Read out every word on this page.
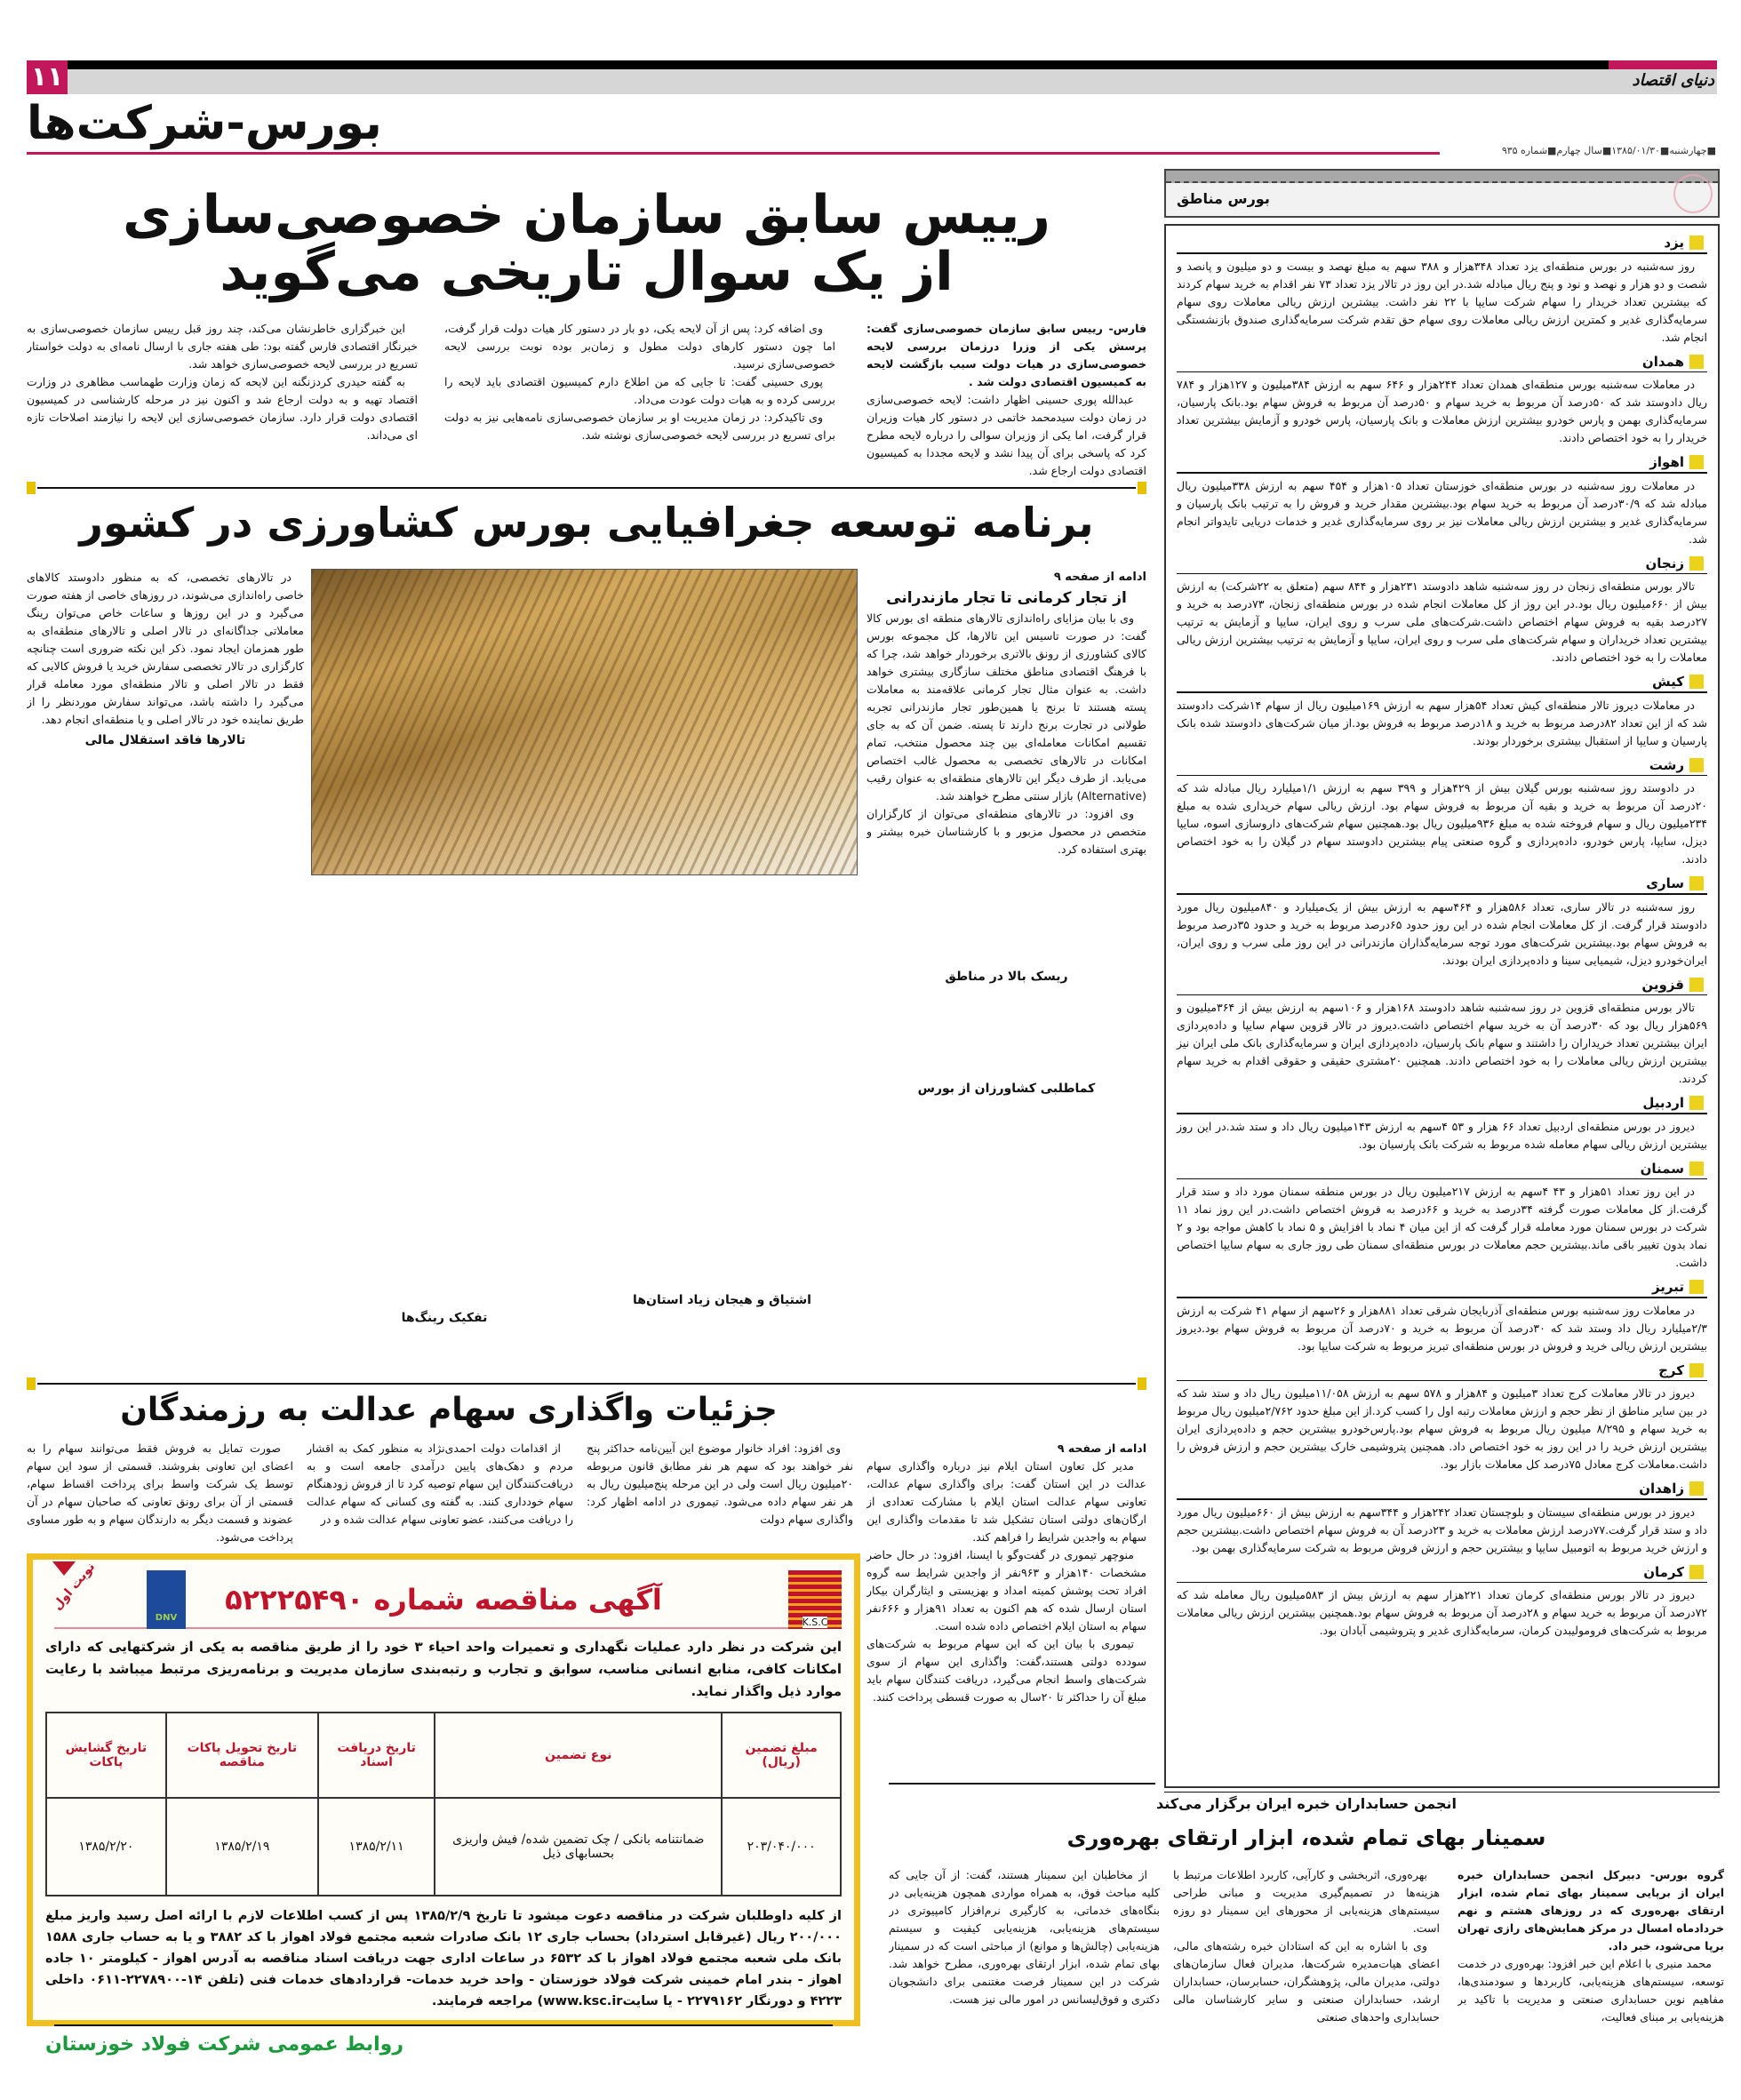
۱۱	دنیای اقتصاد
بورس-شرکت‌ها
■چهارشنبه■۱۳۸۵/۰۱/۳۰■سال چهارم■شماره ۹۳۵
بورس مناطق
یزد

روز سه‌شنبه در بورس منطقه‌ای یزد تعداد ۳۴۸هزار و ۳۸۸ سهم به مبلغ نهصد و بیست و دو میلیون و پانصد و شصت و دو هزار و نهصد و نود و پنج ریال مبادله شد.در این روز در تالار یزد تعداد ۷۳ نفر اقدام به خرید سهام کردند که بیشترین تعداد خریدار را سهام شرکت سایپا با ۲۲ نفر داشت. بیشترین ارزش ریالی معاملات روی سهام سرمایه‌گذاری غدیر و کمترین ارزش ریالی معاملات روی سهام حق تقدم شرکت سرمایه‌گذاری صندوق بازنشستگی انجام شد.

همدان

در معاملات سه‌شنبه بورس منطقه‌ای همدان تعداد ۲۴۴هزار و ۶۴۶ سهم به ارزش ۳۸۴میلیون و ۱۲۷هزار و ۷۸۴ ریال دادوستد شد که ۵۰درصد آن مربوط به خرید سهام و ۵۰درصد آن مربوط به فروش سهام بود.بانک پارسیان، سرمایه‌گذاری بهمن و پارس خودرو بیشترین ارزش معاملات و بانک پارسیان، پارس خودرو و آزمایش بیشترین تعداد خریدار را به خود اختصاص دادند.

اهواز

در معاملات روز سه‌شنبه در بورس منطقه‌ای خوزستان تعداد ۱۰۵هزار و ۴۵۴ سهم به ارزش ۳۳۸میلیون ریال مبادله شد که ۳۰/۹درصد آن مربوط به خرید سهام بود.بیشترین مقدار خرید و فروش را به ترتیب بانک پارسیان و سرمایه‌گذاری غدیر و بیشترین ارزش ریالی معاملات نیز بر روی سرمایه‌گذاری غدیر و خدمات دریایی تایدواتر انجام شد.

زنجان

تالار بورس منطقه‌ای زنجان در روز سه‌شنبه شاهد دادوستد ۲۳۱هزار و ۸۴۴ سهم (متعلق به ۲۲شرکت) به ارزش بیش از ۶۶۰میلیون ریال بود.در این روز از کل معاملات انجام شده در بورس منطقه‌ای زنجان، ۷۳درصد به خرید و ۲۷درصد بقیه به فروش سهام اختصاص داشت.شرکت‌های ملی سرب و روی ایران، سایپا و آزمایش به ترتیب بیشترین تعداد خریداران و سهام شرکت‌های ملی سرب و روی ایران، سایپا و آزمایش به ترتیب بیشترین ارزش ریالی معاملات را به خود اختصاص دادند.

کیش

در معاملات دیروز تالار منطقه‌ای کیش تعداد ۵۴هزار سهم به ارزش ۱۶۹میلیون ریال از سهام ۱۴شرکت دادوستد شد که از این تعداد ۸۲درصد مربوط به خرید و ۱۸درصد مربوط به فروش بود.از میان شرکت‌های دادوستد شده بانک پارسیان و سایپا از استقبال بیشتری برخوردار بودند.

رشت

در دادوستد روز سه‌شنبه بورس گیلان بیش از ۴۲۹هزار و ۳۹۹ سهم به ارزش ۱/۱میلیارد ریال مبادله شد که ۲۰درصد آن مربوط به خرید و بقیه آن مربوط به فروش سهام بود. ارزش ریالی سهام خریداری شده به مبلغ ۲۳۴میلیون ریال و سهام فروخته شده به مبلغ ۹۳۶میلیون ریال بود.همچنین سهام شرکت‌های داروسازی اسوه، سایپا دیزل، سایپا، پارس خودرو، داده‌پردازی و گروه صنعتی پیام بیشترین دادوستد سهام در گیلان را به خود اختصاص دادند.

ساری

روز سه‌شنبه در تالار ساری، تعداد ۵۸۶هزار و ۴۶۴سهم به ارزش بیش از یک‌میلیارد و ۸۴۰میلیون ریال مورد دادوستد قرار گرفت. از کل معاملات انجام شده در این روز حدود ۶۵درصد مربوط به خرید و حدود ۳۵درصد مربوط به فروش سهام بود.بیشترین شرکت‌های مورد توجه سرمایه‌گذاران مازندرانی در این روز ملی سرب و روی ایران، ایران‌خودرو دیزل، شیمیایی سینا و داده‌پردازی ایران بودند.

قزوین

تالار بورس منطقه‌ای قزوین در روز سه‌شنبه شاهد دادوستد ۱۶۸هزار و ۱۰۶سهم به ارزش بیش از ۳۶۴میلیون و ۵۶۹هزار ریال بود که ۳۰درصد آن به خرید سهام اختصاص داشت.دیروز در تالار قزوین سهام سایپا و داده‌پردازی ایران بیشترین تعداد خریداران را داشتند و سهام بانک پارسیان، داده‌پردازی ایران و سرمایه‌گذاری بانک ملی ایران نیز بیشترین ارزش ریالی معاملات را به خود اختصاص دادند. همچنین ۲۰مشتری حقیقی و حقوقی اقدام به خرید سهام کردند.

اردبیل

دیروز در بورس منطقه‌ای اردبیل تعداد ۶۶ هزار و ۵۳ ۴سهم به ارزش ۱۴۳میلیون ریال داد و ستد شد.در این روز بیشترین ارزش ریالی سهام معامله شده مربوط به شرکت بانک پارسیان بود.

سمنان

در این روز تعداد ۵۱هزار و ۴۳ ۴سهم به ارزش ۲۱۷میلیون ریال در بورس منطقه سمنان مورد داد و ستد قرار گرفت.از کل معاملات صورت گرفته ۳۴درصد به خرید و ۶۶درصد به فروش اختصاص داشت.در این روز نماد ۱۱ شرکت در بورس سمنان مورد معامله قرار گرفت که از این میان ۴ نماد با افزایش و ۵ نماد با کاهش مواجه بود و ۲ نماد بدون تغییر باقی ماند.بیشترین حجم معاملات در بورس منطقه‌ای سمنان طی روز جاری به سهام سایپا اختصاص داشت.

تبریز

در معاملات روز سه‌شنبه بورس منطقه‌ای آذربایجان شرقی تعداد ۸۸۱هزار و ۲۶سهم از سهام ۴۱ شرکت به ارزش ۲/۳میلیارد ریال داد وستد شد که ۳۰درصد آن مربوط به خرید و ۷۰درصد آن مربوط به فروش سهام بود.دیروز بیشترین ارزش ریالی خرید و فروش در بورس منطقه‌ای تبریز مربوط به شرکت سایپا بود.

کرج

دیروز در تالار معاملات کرج تعداد ۳میلیون و ۸۴هزار و ۵۷۸ سهم به ارزش ۱۱/۰۵۸میلیون ریال داد و ستد شد که در بین سایر مناطق از نظر حجم و ارزش معاملات رتبه اول را کسب کرد.از این مبلغ حدود ۲/۷۶۲میلیون ریال مربوط به خرید سهام و ۸/۲۹۵ میلیون ریال مربوط به فروش سهام بود.پارس‌خودرو بیشترین حجم و داده‌پردازی ایران بیشترین ارزش خرید را در این روز به خود اختصاص داد. همچنین پتروشیمی خارک بیشترین حجم و ارزش فروش را داشت.معاملات کرج معادل ۷۵درصد کل معاملات بازار بود.

زاهدان

دیروز در بورس منطقه‌ای سیستان و بلوچستان تعداد ۲۴۲هزار و ۳۴۴سهم به ارزش بیش از ۶۶۰میلیون ریال مورد داد و ستد قرار گرفت.۷۷درصد ارزش معاملات به خرید و ۲۳درصد آن به فروش سهام اختصاص داشت.بیشترین حجم و ارزش خرید مربوط به اتومبیل سایپا و بیشترین حجم و ارزش فروش مربوط به شرکت سرمایه‌گذاری بهمن بود.

کرمان

دیروز در تالار بورس منطقه‌ای کرمان تعداد ۲۲۱هزار سهم به ارزش بیش از ۵۸۳میلیون ریال معامله شد که ۷۲درصد آن مربوط به خرید سهام و ۲۸درصد آن مربوط به فروش سهام بود.همچنین بیشترین ارزش ریالی معاملات مربوط به شرکت‌های فرومولیبدن کرمان، سرمایه‌گذاری غدیر و پتروشیمی آبادان بود.

رییس سابق سازمان خصوصی‌سازی
از یک سوال تاریخی می‌گوید
فارس- رییس سابق سازمان خصوصی‌سازی گفت: پرسش یکی از وزرا درزمان بررسی لایحه خصوصی‌سازی در هیات دولت سبب بازگشت لایحه به کمیسیون اقتصادی دولت شد .

عبدالله پوری حسینی اظهار داشت: لایحه خصوصی‌سازی در زمان دولت سیدمحمد خاتمی در دستور کار هیات وزیران قرار گرفت، اما یکی از وزیران سوالی را درباره لایحه مطرح کرد که پاسخی برای آن پیدا نشد و لایحه مجددا به کمیسیون اقتصادی دولت ارجاع شد.

وی اضافه کرد: پس از آن لایحه یکی، دو بار در دستور کار هیات دولت قرار گرفت، اما چون دستور کارهای دولت مطول و زمان‌بر بوده نوبت بررسی لایحه خصوصی‌سازی نرسید.

پوری حسینی گفت: تا جایی که من اطلاع دارم کمیسیون اقتصادی باید لایحه را بررسی کرده و به هیات دولت عودت می‌داد.

وی تاکیدکرد: در زمان مدیریت او بر سازمان خصوصی‌سازی نامه‌هایی نیز به دولت برای تسریع در بررسی لایحه خصوصی‌سازی نوشته شد.

این خبرگزاری خاطرنشان می‌کند، چند روز قبل رییس سازمان خصوصی‌سازی به خبرنگار اقتصادی فارس گفته بود: طی هفته جاری با ارسال نامه‌ای به دولت خواستار تسریع در بررسی لایحه خصوصی‌سازی خواهد شد.

به گفته حیدری کردزنگنه این لایحه که زمان وزارت طهماسب مظاهری در وزارت اقتصاد تهیه و به دولت ارجاع شد و اکنون نیز در مرحله کارشناسی در کمیسیون اقتصادی دولت قرار دارد. سازمان خصوصی‌سازی این لایحه را نیازمند اصلاحات تازه ای می‌داند.

برنامه توسعه جغرافیایی بورس کشاورزی در کشور
ادامه از صفحه ۹
از تجار کرمانی تا تجار مازندرانی

وی با بیان مزایای راه‌اندازی تالارهای منطقه ای بورس کالا گفت: در صورت تاسیس این تالارها، کل مجموعه بورس کالای کشاورزی از رونق بالاتری برخوردار خواهد شد، چرا که با فرهنگ اقتصادی مناطق مختلف سازگاری بیشتری خواهد داشت. به عنوان مثال تجار کرمانی علاقه‌مند به معاملات پسته هستند تا برنج یا همین‌طور تجار مازندرانی تجربه طولانی در تجارت برنج دارند تا پسته. ضمن آن که به جای تقسیم امکانات معامله‌ای بین چند محصول منتخب، تمام امکانات در تالارهای تخصصی به محصول غالب اختصاص می‌یابد. از طرف دیگر این تالارهای منطقه‌ای به عنوان رقیب (Alternative) بازار سنتی مطرح خواهند شد.

وی افزود: در تالارهای منطقه‌ای می‌توان از کارگزاران متخصص در محصول مزبور و با کارشناسان خبره بیشتر و بهتری استفاده کرد.

ریسک بالا در مناطق
کماطلبی کشاورزان از بورس
اشتیاق و هیجان زیاد استان‌ها
تفکیک رینگ‌ها

در تالارهای تخصصی، که به منظور دادوستد کالاهای خاصی راه‌اندازی می‌شوند، در روزهای خاصی از هفته صورت می‌گیرد و در این روزها و ساعات خاص می‌توان رینگ معاملاتی جداگانه‌ای در تالار اصلی و تالارهای منطقه‌ای به طور همزمان ایجاد نمود. ذکر این نکته ضروری است چنانچه کارگزاری در تالار تخصصی سفارش خرید یا فروش کالایی که فقط در تالار اصلی و تالار منطقه‌ای مورد معامله قرار می‌گیرد را داشته باشد، می‌تواند سفارش موردنظر را از طریق نماینده خود در تالار اصلی و یا منطقه‌ای انجام دهد.

تالارها فاقد استقلال مالی
جزئیات واگذاری سهام عدالت به رزمندگان
ادامه از صفحه ۹

مدیر کل تعاون استان ایلام نیز درباره واگذاری سهام عدالت در این استان گفت: برای واگذاری سهام عدالت، تعاونی سهام عدالت استان ایلام با مشارکت تعدادی از ارگان‌های دولتی استان تشکیل شد تا مقدمات واگذاری این سهام به واجدین شرایط را فراهم کند.

منوچهر تیموری در گفت‌وگو با ایسنا، افزود: در حال حاضر مشخصات ۱۴۰هزار و ۹۶۳نفر از واجدین شرایط سه گروه افراد تحت پوشش کمیته امداد و بهزیستی و ایثارگران بیکار استان ارسال شده که هم اکنون به تعداد ۹۱هزار و ۶۶۶نفر سهام به استان ایلام اختصاص داده شده است.

تیموری با بیان این که این سهام مربوط به شرکت‌های سودده دولتی هستند،گفت: واگذاری این سهام از سوی شرکت‌های واسط انجام می‌گیرد، دریافت کنندگان سهام باید مبلغ آن را حداکثر تا ۲۰سال به صورت قسطی پرداخت کنند.

وی افزود: افراد خانوار موضوع این آیین‌نامه حداکثر پنج نفر خواهند بود که سهم هر نفر مطابق قانون مربوطه ۲۰میلیون ریال است ولی در این مرحله پنج‌میلیون ریال به هر نفر سهام داده می‌شود. تیموری در ادامه اظهار کرد: واگذاری سهام دولت

از اقدامات دولت احمدی‌نژاد به منظور کمک به اقشار مردم و دهک‌های پایین درآمدی جامعه است و به دریافت‌کنندگان این سهام توصیه کرد تا از فروش زودهنگام سهام خودداری کنند. به گفته وی کسانی که سهام عدالت را دریافت می‌کنند، عضو تعاونی سهام عدالت شده و در

صورت تمایل به فروش فقط می‌توانند سهام را به اعضای این تعاونی بفروشند. قسمتی از سود این سهام توسط یک شرکت واسط برای پرداخت اقساط سهام، قسمتی از آن برای رونق تعاونی که صاحبان سهام در آن عضوند و قسمت دیگر به دارندگان سهام و به طور مساوی پرداخت می‌شود.

نوبت اول
DNV	K.S.C
آگهی مناقصه شماره ۵۲۲۲۵۴۹۰
این شرکت در نظر دارد عملیات نگهداری و تعمیرات واحد احیاء ۳ خود را از طریق مناقصه به یکی از شرکتهایی که دارای امکانات کافی، منابع انسانی مناسب، سوابق و تجارب و رتبه‌بندی سازمان مدیریت و برنامه‌ریزی مرتبط میباشد با رعایت موارد ذیل واگذار نماید.
مبلغ تضمین (ریال)	نوع تضمین	تاریخ دریافت اسناد	تاریخ تحویل پاکات مناقصه	تاریخ گشایش پاکات
۲۰۳/۰۴۰/۰۰۰	ضمانتنامه بانکی / چک تضمین شده/ فیش واریزی بحسابهای ذیل	۱۳۸۵/۲/۱۱	۱۳۸۵/۲/۱۹	۱۳۸۵/۲/۲۰
از کلیه داوطلبان شرکت در مناقصه دعوت میشود تا تاریخ ۱۳۸۵/۲/۹ پس از کسب اطلاعات لازم با ارائه اصل رسید واریز مبلغ ۲۰۰/۰۰۰ ریال (غیرقابل استرداد) بحساب جاری ۱۲ بانک صادرات شعبه مجتمع فولاد اهواز با کد ۳۸۸۲ و یا به حساب جاری ۱۵۸۸ بانک ملی شعبه مجتمع فولاد اهواز با کد ۶۵۳۲ در ساعات اداری جهت دریافت اسناد مناقصه به آدرس اهواز - کیلومتر ۱۰ جاده اهواز - بندر امام خمینی شرکت فولاد خوزستان - واحد خرید خدمات- قراردادهای خدمات فنی (تلفن ۱۴-۲۲۷۸۹۰۰-۰۶۱۱ داخلی ۴۲۲۳ و دورنگار ۲۲۷۹۱۶۲ - یا سایتwww.ksc.ir) مراجعه فرمایند.
روابط عمومی شرکت فولاد خوزستان
انجمن حسابداران خبره ایران برگزار می‌کند
سمینار بهای تمام شده، ابزار ارتقای بهره‌وری
گروه بورس- دبیرکل انجمن حسابداران خبره ایران از برپایی سمینار بهای تمام شده، ابزار ارتقای بهره‌وری که در روزهای هشتم و نهم خردادماه امسال در مرکز همایش‌های رازی تهران برپا می‌شود، خبر داد.

محمد منیری با اعلام این خبر افزود: بهره‌وری در خدمت توسعه، سیستم‌های هزینه‌یابی، کاربردها و سودمندی‌ها، مفاهیم نوین حسابداری صنعتی و مدیریت با تاکید بر هزینه‌یابی بر مبنای فعالیت،

بهره‌وری، اثربخشی و کارآیی، کاربرد اطلاعات مرتبط با هزینه‌ها در تصمیم‌گیری مدیریت و مبانی طراحی سیستم‌های هزینه‌یابی از محورهای این سمینار دو روزه است.

وی با اشاره به این که استادان خبره رشته‌های مالی، اعضای هیات‌مدیره شرکت‌ها، مدیران فعال سازمان‌های دولتی، مدیران مالی، پژوهشگران، حسابرسان، حسابداران ارشد، حسابداران صنعتی و سایر کارشناسان مالی حسابداری واحدهای صنعتی

از مخاطبان این سمینار هستند، گفت: از آن جایی که کلیه مباحث فوق، به همراه مواردی همچون هزینه‌یابی در بنگاه‌های خدماتی، به کارگیری نرم‌افزار کامپیوتری در سیستم‌های هزینه‌یابی، هزینه‌یابی کیفیت و سیستم هزینه‌یابی (چالش‌ها و موانع) از مباحثی است که در سمینار بهای تمام شده، ابزار ارتقای بهره‌وری، مطرح خواهد شد. شرکت در این سمینار فرصت مغتنمی برای دانشجویان دکتری و فوق‌لیسانس در امور مالی نیز هست.
